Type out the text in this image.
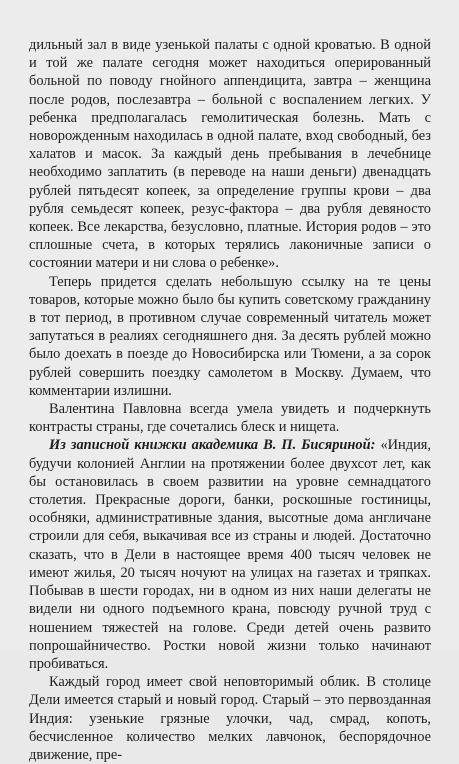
дильный зал в виде узенькой палаты с одной кроватью. В одной и той же палате сегодня может находиться оперированный больной по поводу гнойного аппендицита, завтра – женщина после родов, послезавтра – больной с воспалением легких. У ребенка предполагалась гемолитическая болезнь. Мать с новорожденным находилась в одной палате, вход свободный, без халатов и масок. За каждый день пребывания в лечебнице необходимо заплатить (в переводе на наши деньги) двенадцать рублей пятьдесят копеек, за определение группы крови – два рубля семьдесят копеек, резус-фактора – два рубля девяносто копеек. Все лекарства, безусловно, платные. История родов – это сплошные счета, в которых терялись лаконичные записи о состоянии матери и ни слова о ребенке».

Теперь придется сделать небольшую ссылку на те цены товаров, которые можно было бы купить советскому гражданину в тот период, в противном случае современный читатель может запутаться в реалиях сегодняшнего дня. За десять рублей можно было доехать в поезде до Новосибирска или Тюмени, а за сорок рублей совершить поездку самолетом в Москву. Думаем, что комментарии излишни.

Валентина Павловна всегда умела увидеть и подчеркнуть контрасты страны, где сочетались блеск и нищета.

Из записной книжки академика В. П. Бисяриной: «Индия, будучи колонией Англии на протяжении более двухсот лет, как бы остановилась в своем развитии на уровне семнадцатого столетия. Прекрасные дороги, банки, роскошные гостиницы, особняки, административные здания, высотные дома англичане строили для себя, выкачивая все из страны и людей. Достаточно сказать, что в Дели в настоящее время 400 тысяч человек не имеют жилья, 20 тысяч ночуют на улицах на газетах и тряпках. Побывав в шести городах, ни в одном из них наши делегаты не видели ни одного подъемного крана, повсюду ручной труд с ношением тяжестей на голове. Среди детей очень развито попрошайничество. Ростки новой жизни только начинают пробиваться.

Каждый город имеет свой неповторимый облик. В столице Дели имеется старый и новый город. Старый – это первозданная Индия: узенькие грязные улочки, чад, смрад, копоть, бесчисленное количество мелких лавчонок, беспорядочное движение, пре-
